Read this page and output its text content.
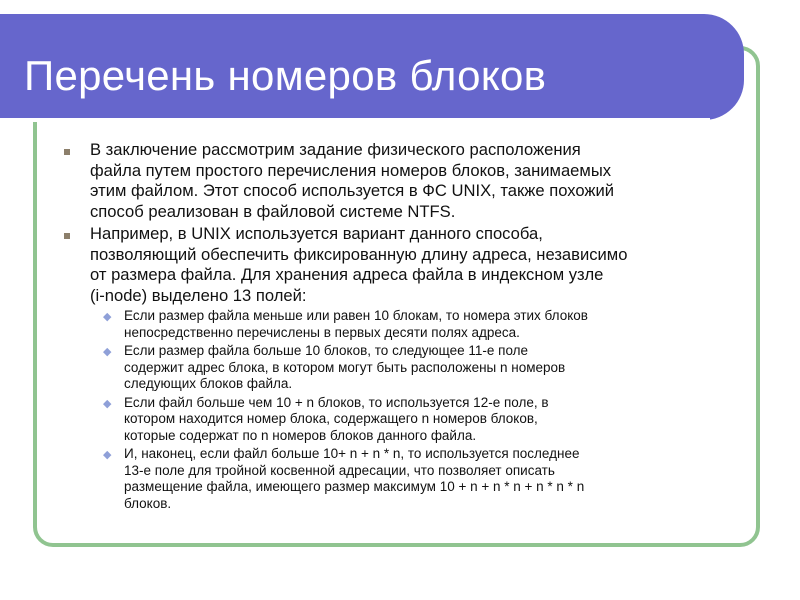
Перечень номеров блоков
В заключение рассмотрим задание физического расположения
файла путем простого перечисления номеров блоков, занимаемых
этим файлом. Этот способ используется в ФС UNIX, также похожий
способ реализован в файловой системе NTFS.
Например, в UNIX используется вариант данного способа,
позволяющий обеспечить фиксированную длину адреса, независимо
от размера файла. Для хранения адреса файла в индексном узле
(i-node) выделено 13 полей:
◆ Если размер файла меньше или равен 10 блокам, то номера этих блоков
непосредственно перечислены в первых десяти полях адреса.
◆ Если размер файла больше 10 блоков, то следующее 11-е поле
содержит адрес блока, в котором могут быть расположены n номеров
следующих блоков файла.
◆ Если файл больше чем 10 + n блоков, то используется 12-е поле, в
котором находится номер блока, содержащего n номеров блоков,
которые содержат по n номеров блоков данного файла.
◆ И, наконец, если файл больше 10+ n + n * n, то используется последнее
13-е поле для тройной косвенной адресации, что позволяет описать
размещение файла, имеющего размер максимум 10 + n + n * n + n * n * n
блоков.
